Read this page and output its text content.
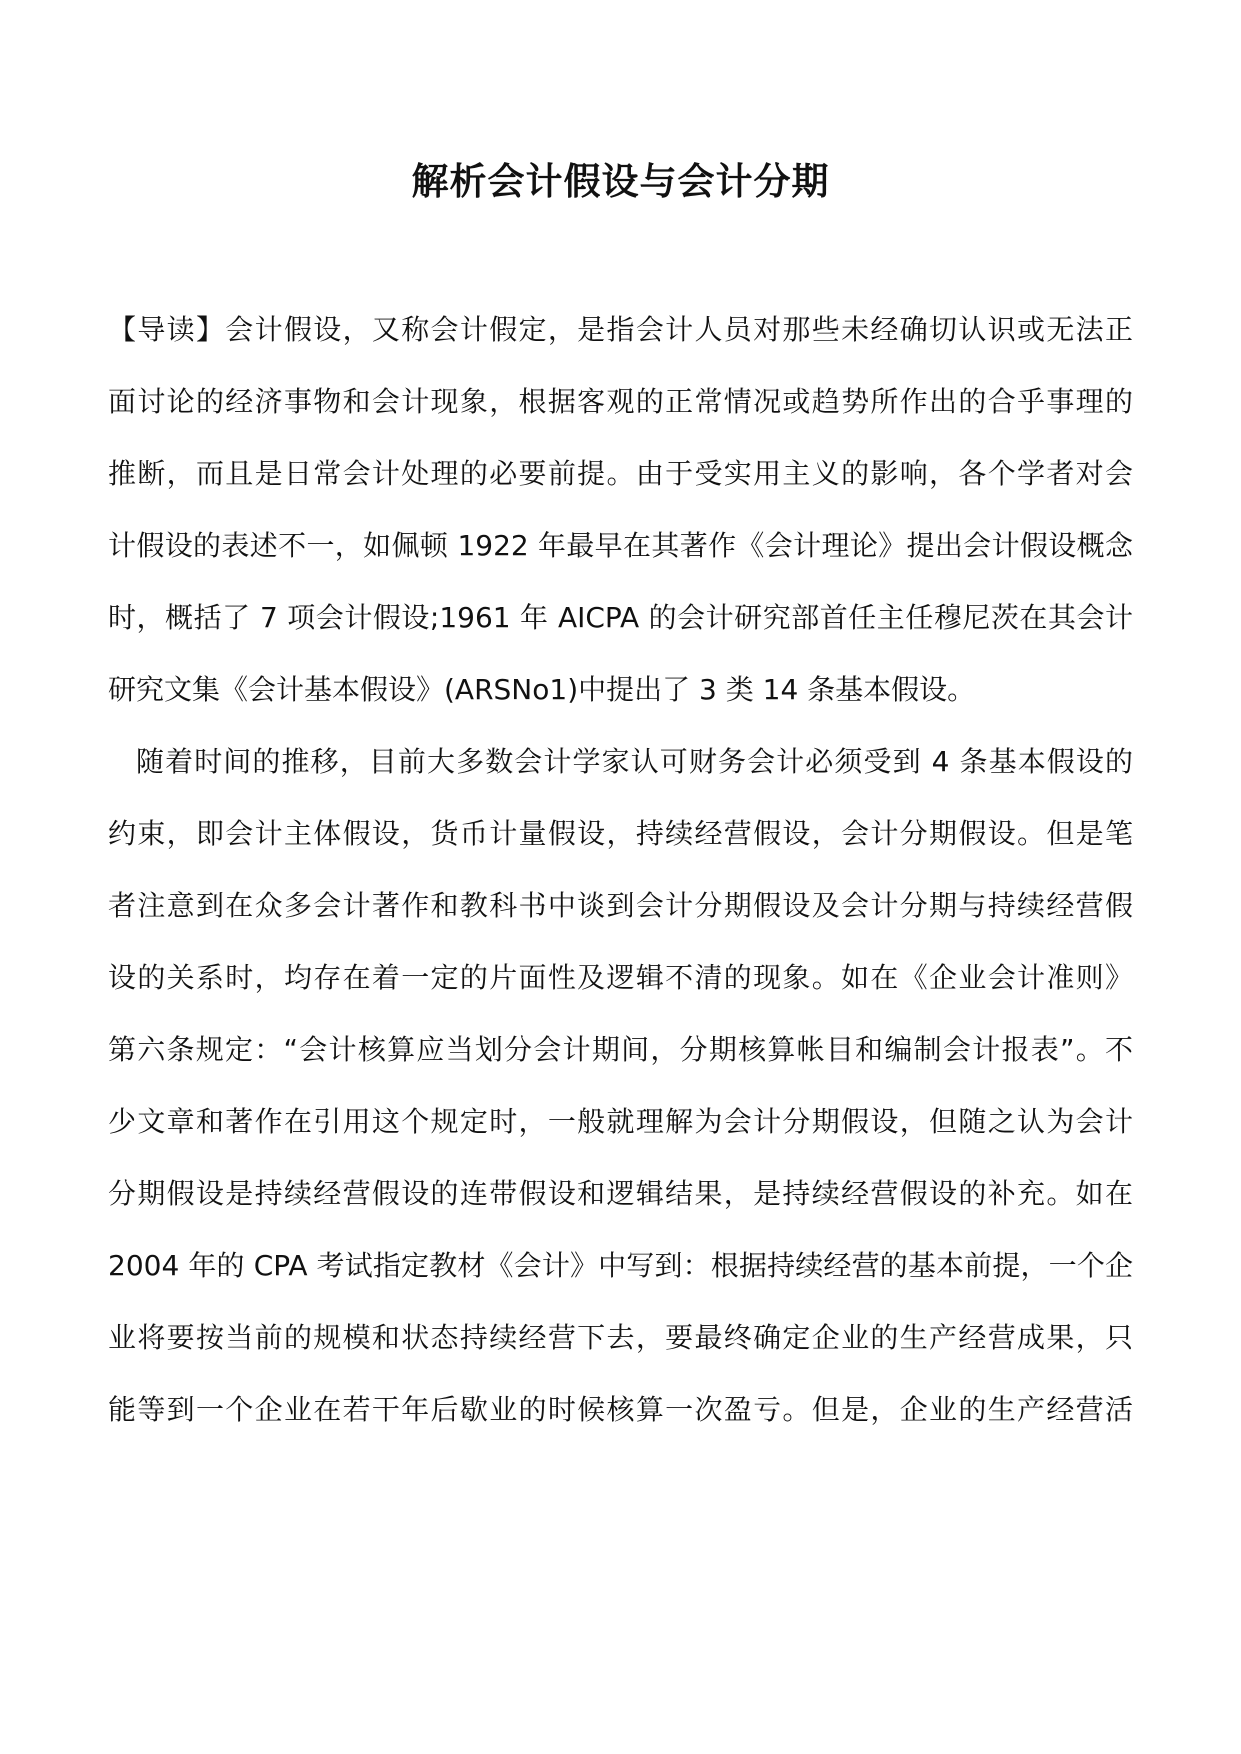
解析会计假设与会计分期

【导读】会计假设，又称会计假定，是指会计人员对那些未经确切认识或无法正

面讨论的经济事物和会计现象，根据客观的正常情况或趋势所作出的合乎事理的

推断，而且是日常会计处理的必要前提。由于受实用主义的影响，各个学者对会

计假设的表述不一，如佩顿 1922 年最早在其著作《会计理论》提出会计假设概念

时，概括了 7 项会计假设;1961 年 AICPA 的会计研究部首任主任穆尼茨在其会计

研究文集《会计基本假设》(ARSNo1)中提出了 3 类 14 条基本假设。

随着时间的推移，目前大多数会计学家认可财务会计必须受到 4 条基本假设的

约束，即会计主体假设，货币计量假设，持续经营假设，会计分期假设。但是笔

者注意到在众多会计著作和教科书中谈到会计分期假设及会计分期与持续经营假

设的关系时，均存在着一定的片面性及逻辑不清的现象。如在《企业会计准则》

第六条规定：“会计核算应当划分会计期间，分期核算帐目和编制会计报表”。不

少文章和著作在引用这个规定时，一般就理解为会计分期假设，但随之认为会计

分期假设是持续经营假设的连带假设和逻辑结果，是持续经营假设的补充。如在

2004 年的 CPA 考试指定教材《会计》中写到：根据持续经营的基本前提，一个企

业将要按当前的规模和状态持续经营下去，要最终确定企业的生产经营成果，只

能等到一个企业在若干年后歇业的时候核算一次盈亏。但是，企业的生产经营活
